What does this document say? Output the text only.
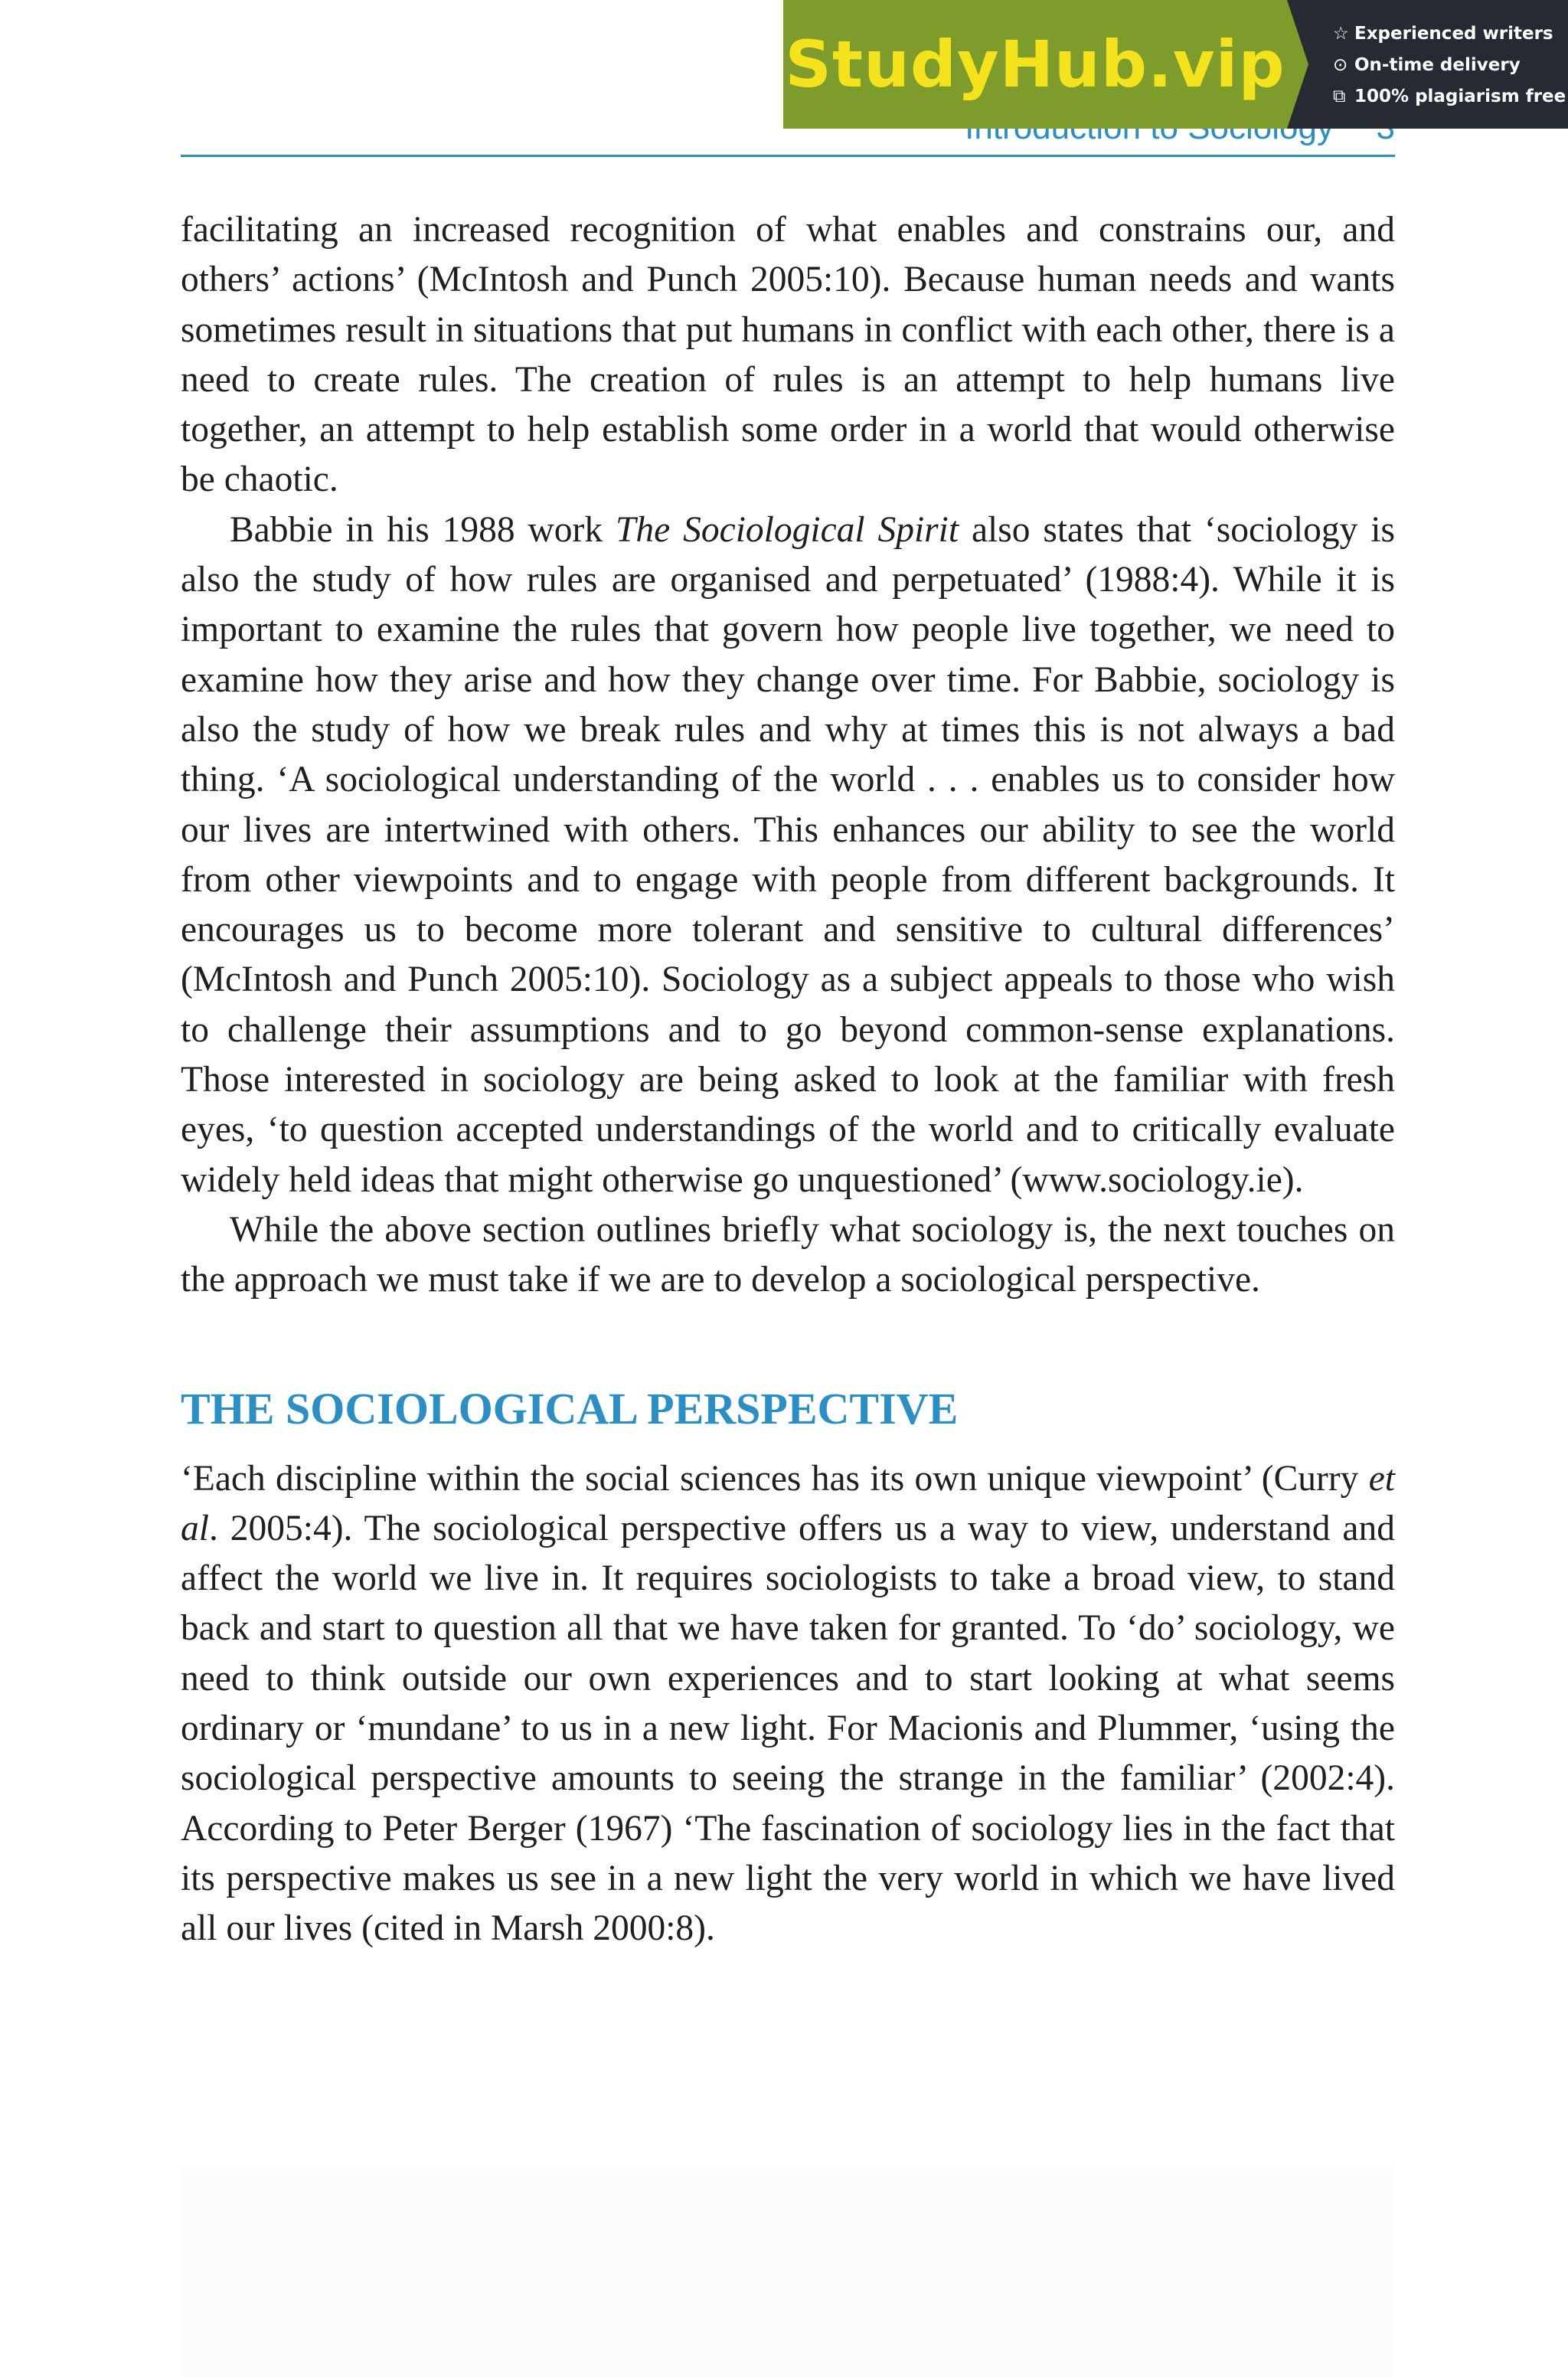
StudyHub.vip	☆ Experienced writers
⊙ On-time delivery
⧉ 100% plagiarism free

facilitating an increased recognition of what enables and constrains our, and others’ actions’ (McIntosh and Punch 2005:10). Because human needs and wants sometimes result in situations that put humans in conflict with each other, there is a need to create rules. The creation of rules is an attempt to help humans live together, an attempt to help establish some order in a world that would otherwise be chaotic.

Babbie in his 1988 work The Sociological Spirit also states that ‘sociology is also the study of how rules are organised and perpetuated’ (1988:4). While it is important to examine the rules that govern how people live together, we need to examine how they arise and how they change over time. For Babbie, sociology is also the study of how we break rules and why at times this is not always a bad thing. ‘A sociological understanding of the world . . . enables us to consider how our lives are intertwined with others. This enhances our ability to see the world from other viewpoints and to engage with people from different backgrounds. It encourages us to become more tolerant and sensitive to cultural differences’ (McIntosh and Punch 2005:10). Sociology as a subject appeals to those who wish to challenge their assumptions and to go beyond common-sense explanations. Those interested in sociology are being asked to look at the familiar with fresh eyes, ‘to question accepted understandings of the world and to critically evaluate widely held ideas that might otherwise go unquestioned’ (www.sociology.ie).

While the above section outlines briefly what sociology is, the next touches on the approach we must take if we are to develop a sociological perspective.

THE SOCIOLOGICAL PERSPECTIVE

‘Each discipline within the social sciences has its own unique viewpoint’ (Curry et al. 2005:4). The sociological perspective offers us a way to view, understand and affect the world we live in. It requires sociologists to take a broad view, to stand back and start to question all that we have taken for granted. To ‘do’ sociology, we need to think outside our own experiences and to start looking at what seems ordinary or ‘mundane’ to us in a new light. For Macionis and Plummer, ‘using the sociological perspective amounts to seeing the strange in the familiar’ (2002:4). According to Peter Berger (1967) ‘The fascination of sociology lies in the fact that its perspective makes us see in a new light the very world in which we have lived all our lives (cited in Marsh 2000:8).
